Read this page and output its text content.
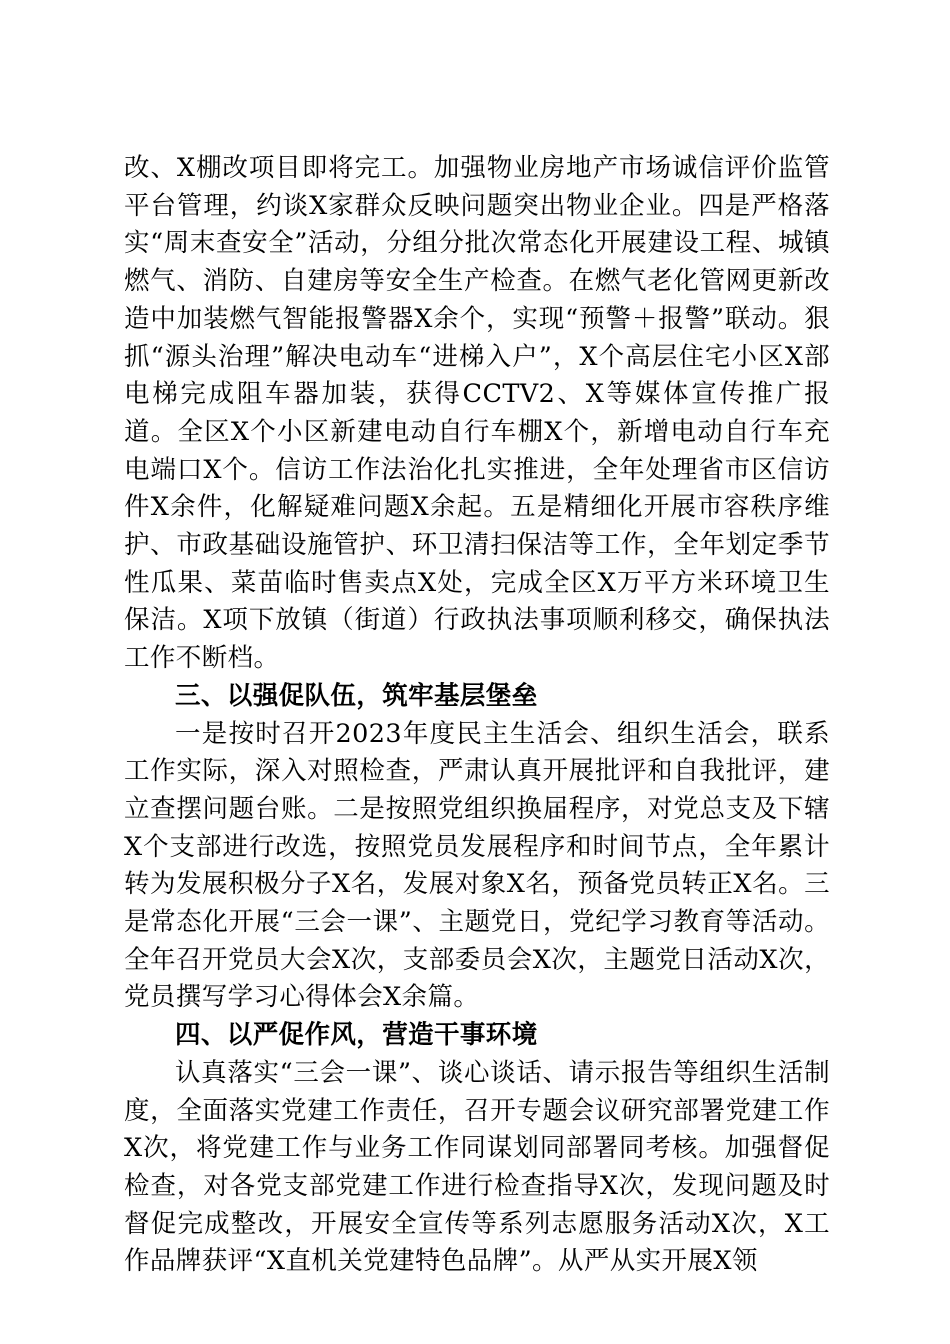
改、X棚改项目即将完工。加强物业房地产市场诚信评价监管平台管理，约谈X家群众反映问题突出物业企业。四是严格落实“周末查安全”活动，分组分批次常态化开展建设工程、城镇燃气、消防、自建房等安全生产检查。在燃气老化管网更新改造中加装燃气智能报警器X余个，实现“预警＋报警”联动。狠抓“源头治理”解决电动车“进梯入户”，X个高层住宅小区X部电梯完成阻车器加装，获得CCTV2、X等媒体宣传推广报道。全区X个小区新建电动自行车棚X个，新增电动自行车充电端口X个。信访工作法治化扎实推进，全年处理省市区信访件X余件，化解疑难问题X余起。五是精细化开展市容秩序维护、市政基础设施管护、环卫清扫保洁等工作，全年划定季节性瓜果、菜苗临时售卖点X处，完成全区X万平方米环境卫生保洁。X项下放镇（街道）行政执法事项顺利移交，确保执法工作不断档。

三、以强促队伍，筑牢基层堡垒

一是按时召开2023年度民主生活会、组织生活会，联系工作实际，深入对照检查，严肃认真开展批评和自我批评，建立查摆问题台账。二是按照党组织换届程序，对党总支及下辖X个支部进行改选，按照党员发展程序和时间节点，全年累计转为发展积极分子X名，发展对象X名，预备党员转正X名。三是常态化开展“三会一课”、主题党日，党纪学习教育等活动。全年召开党员大会X次，支部委员会X次，主题党日活动X次，党员撰写学习心得体会X余篇。

四、以严促作风，营造干事环境

认真落实“三会一课”、谈心谈话、请示报告等组织生活制度，全面落实党建工作责任，召开专题会议研究部署党建工作X次，将党建工作与业务工作同谋划同部署同考核。加强督促检查，对各党支部党建工作进行检查指导X次，发现问题及时督促完成整改，开展安全宣传等系列志愿服务活动X次，X工作品牌获评“X直机关党建特色品牌”。从严从实开展X领
